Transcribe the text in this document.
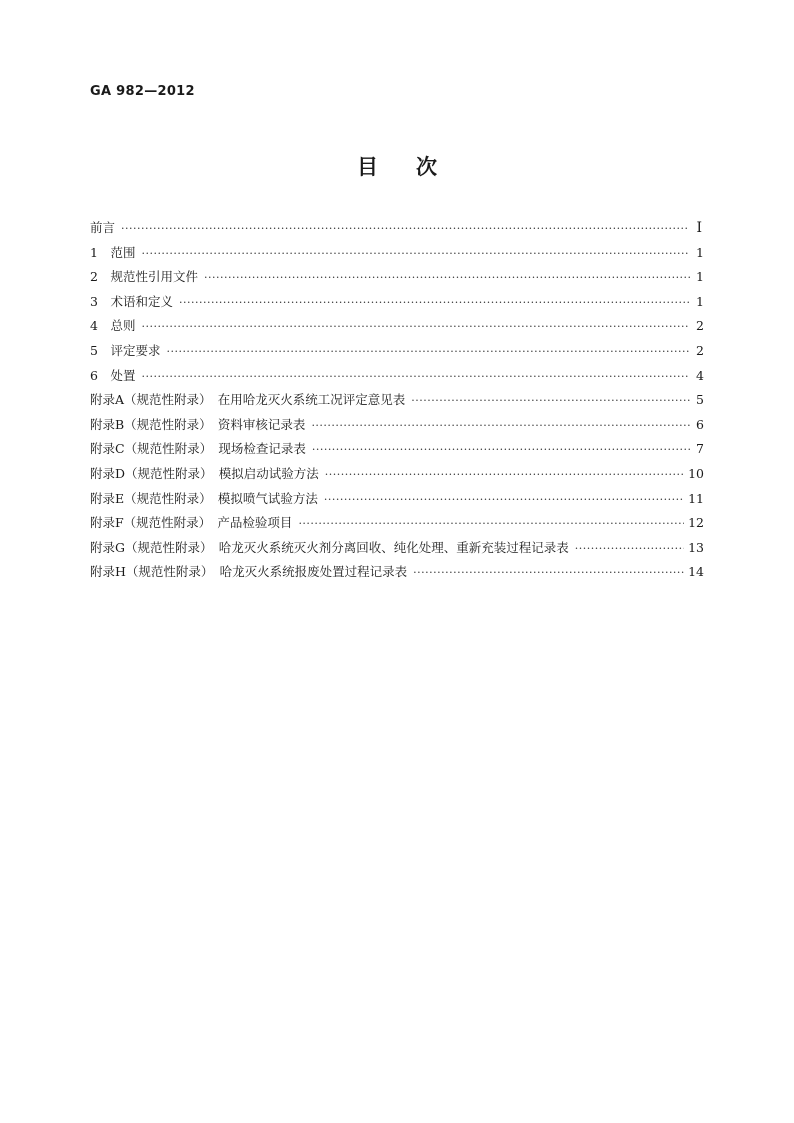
GA 982—2012
目次
前言 ·····	Ⅰ
1　范围 ·····	1
2　规范性引用文件 ·····	1
3　术语和定义 ·····	1
4　总则 ·····	2
5　评定要求 ·····	2
6　处置 ·····	4
附录A（规范性附录）　在用哈龙灭火系统工况评定意见表 ·····	5
附录B（规范性附录）　资料审核记录表 ·····	6
附录C（规范性附录）　现场检查记录表 ·····	7
附录D（规范性附录）　模拟启动试验方法 ·····	10
附录E（规范性附录）　模拟喷气试验方法 ·····	11
附录F（规范性附录）　产品检验项目 ·····	12
附录G（规范性附录）　哈龙灭火系统灭火剂分离回收、纯化处理、重新充装过程记录表 ·····	13
附录H（规范性附录）　哈龙灭火系统报废处置过程记录表 ·····	14
